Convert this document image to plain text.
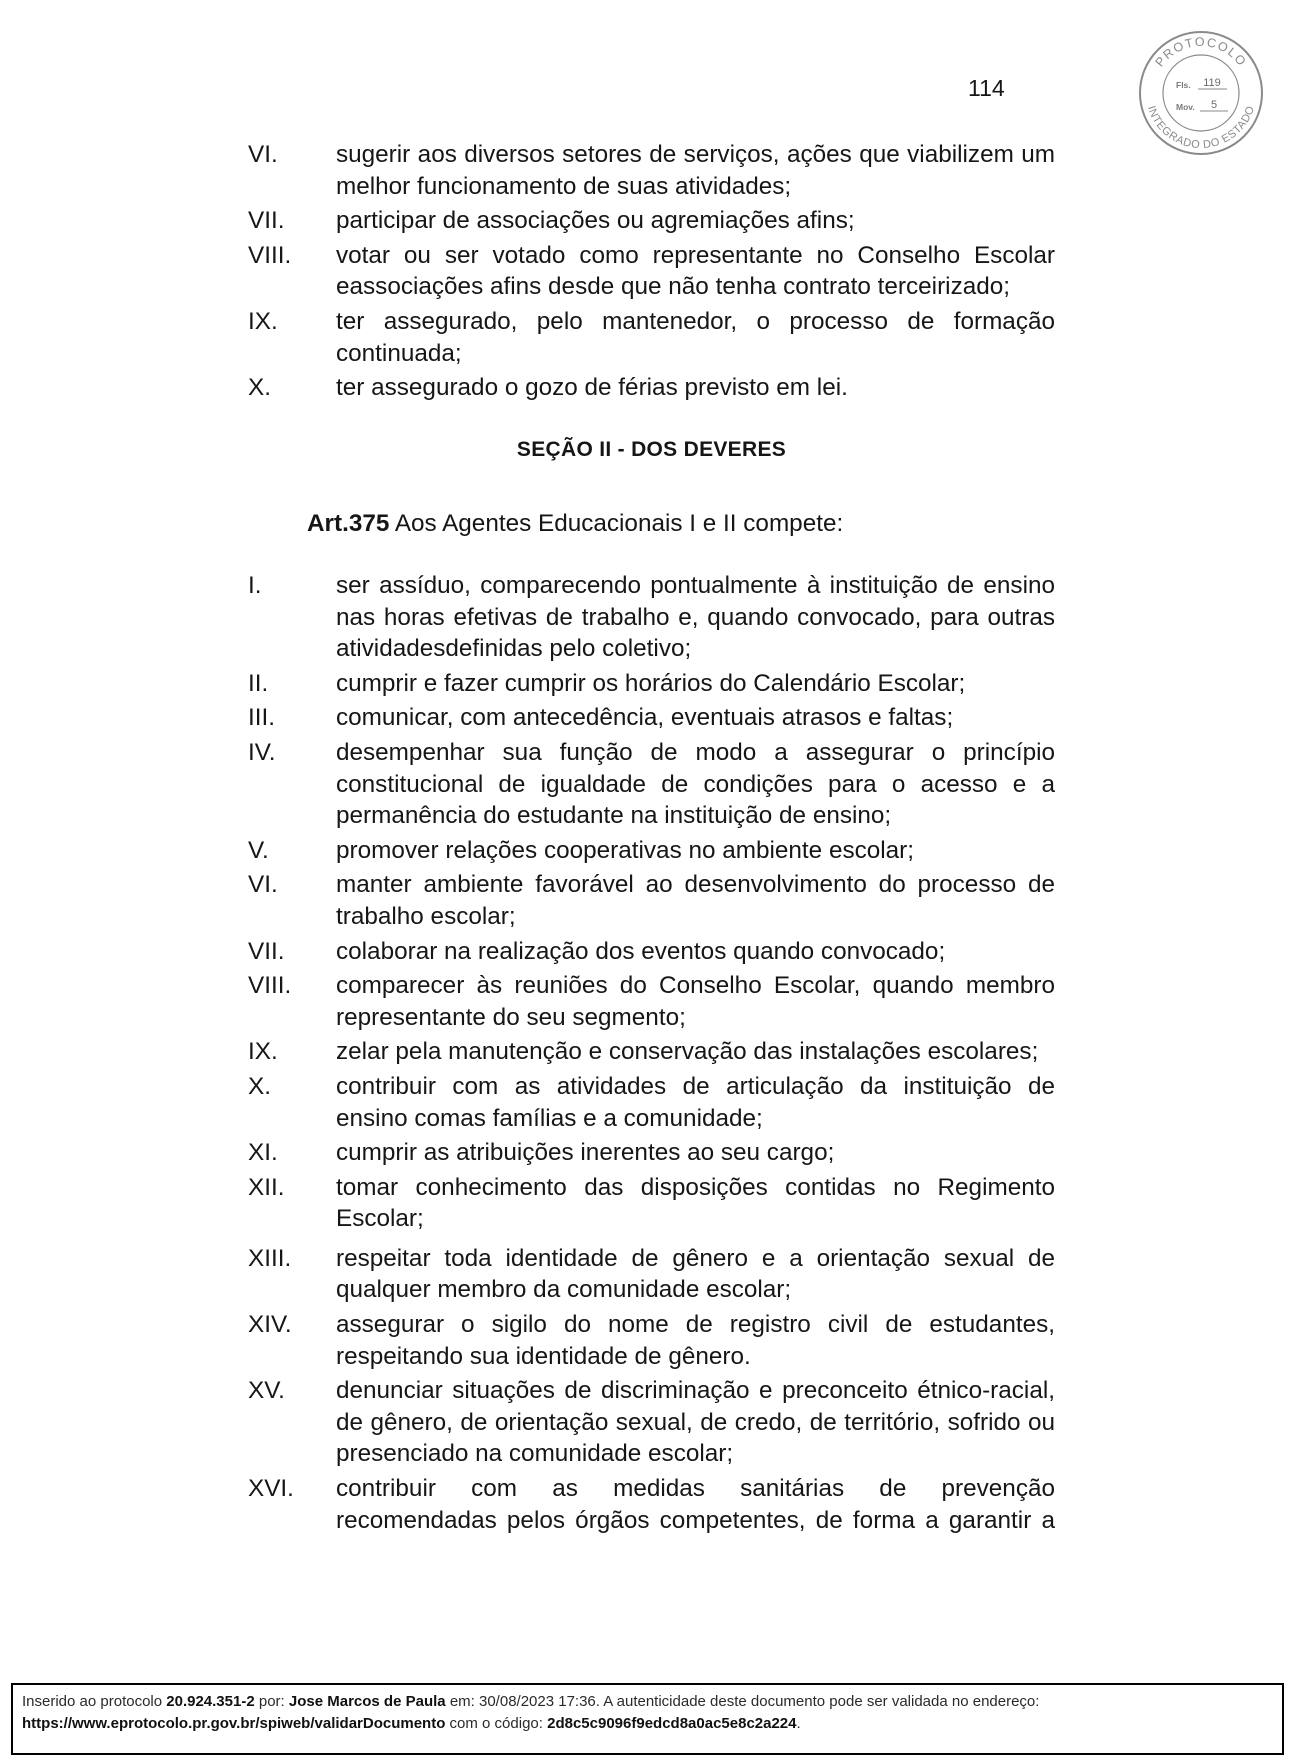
114
PROTOCOLO
INTEGRADO DO ESTADO
Fls. 119
Mov. 5
VI.	sugerir aos diversos setores de serviços, ações que viabilizem um
melhor funcionamento de suas atividades;
VII.	participar de associações ou agremiações afins;
VIII.	votar ou ser votado como representante no Conselho Escolar
eassociações afins desde que não tenha contrato terceirizado;
IX.	ter assegurado, pelo mantenedor, o processo de formação
continuada;
X.	ter assegurado o gozo de férias previsto em lei.
SEÇÃO II - DOS DEVERES
Art.375 Aos Agentes Educacionais I e II compete:
I.	ser assíduo, comparecendo pontualmente à instituição de ensino
nas horas efetivas de trabalho e, quando convocado, para outras
atividadesdefinidas pelo coletivo;
II.	cumprir e fazer cumprir os horários do Calendário Escolar;
III.	comunicar, com antecedência, eventuais atrasos e faltas;
IV.	desempenhar sua função de modo a assegurar o princípio
constitucional de igualdade de condições para o acesso e a
permanência do estudante na instituição de ensino;
V.	promover relações cooperativas no ambiente escolar;
VI.	manter ambiente favorável ao desenvolvimento do processo de
trabalho escolar;
VII.	colaborar na realização dos eventos quando convocado;
VIII.	comparecer às reuniões do Conselho Escolar, quando membro
representante do seu segmento;
IX.	zelar pela manutenção e conservação das instalações escolares;
X.	contribuir com as atividades de articulação da instituição de
ensino comas famílias e a comunidade;
XI.	cumprir as atribuições inerentes ao seu cargo;
XII.	tomar conhecimento das disposições contidas no Regimento
Escolar;
XIII.	respeitar toda identidade de gênero e a orientação sexual de
qualquer membro da comunidade escolar;
XIV.	assegurar o sigilo do nome de registro civil de estudantes,
respeitando sua identidade de gênero.
XV.	denunciar situações de discriminação e preconceito étnico-racial,
de gênero, de orientação sexual, de credo, de território, sofrido ou
presenciado na comunidade escolar;
XVI.	contribuir com as medidas sanitárias de prevenção
recomendadas pelos órgãos competentes, de forma a garantir a
Inserido ao protocolo 20.924.351-2 por: Jose Marcos de Paula em: 30/08/2023 17:36. A autenticidade deste documento pode ser validada no endereço:
https://www.eprotocolo.pr.gov.br/spiweb/validarDocumento com o código: 2d8c5c9096f9edcd8a0ac5e8c2a224.
